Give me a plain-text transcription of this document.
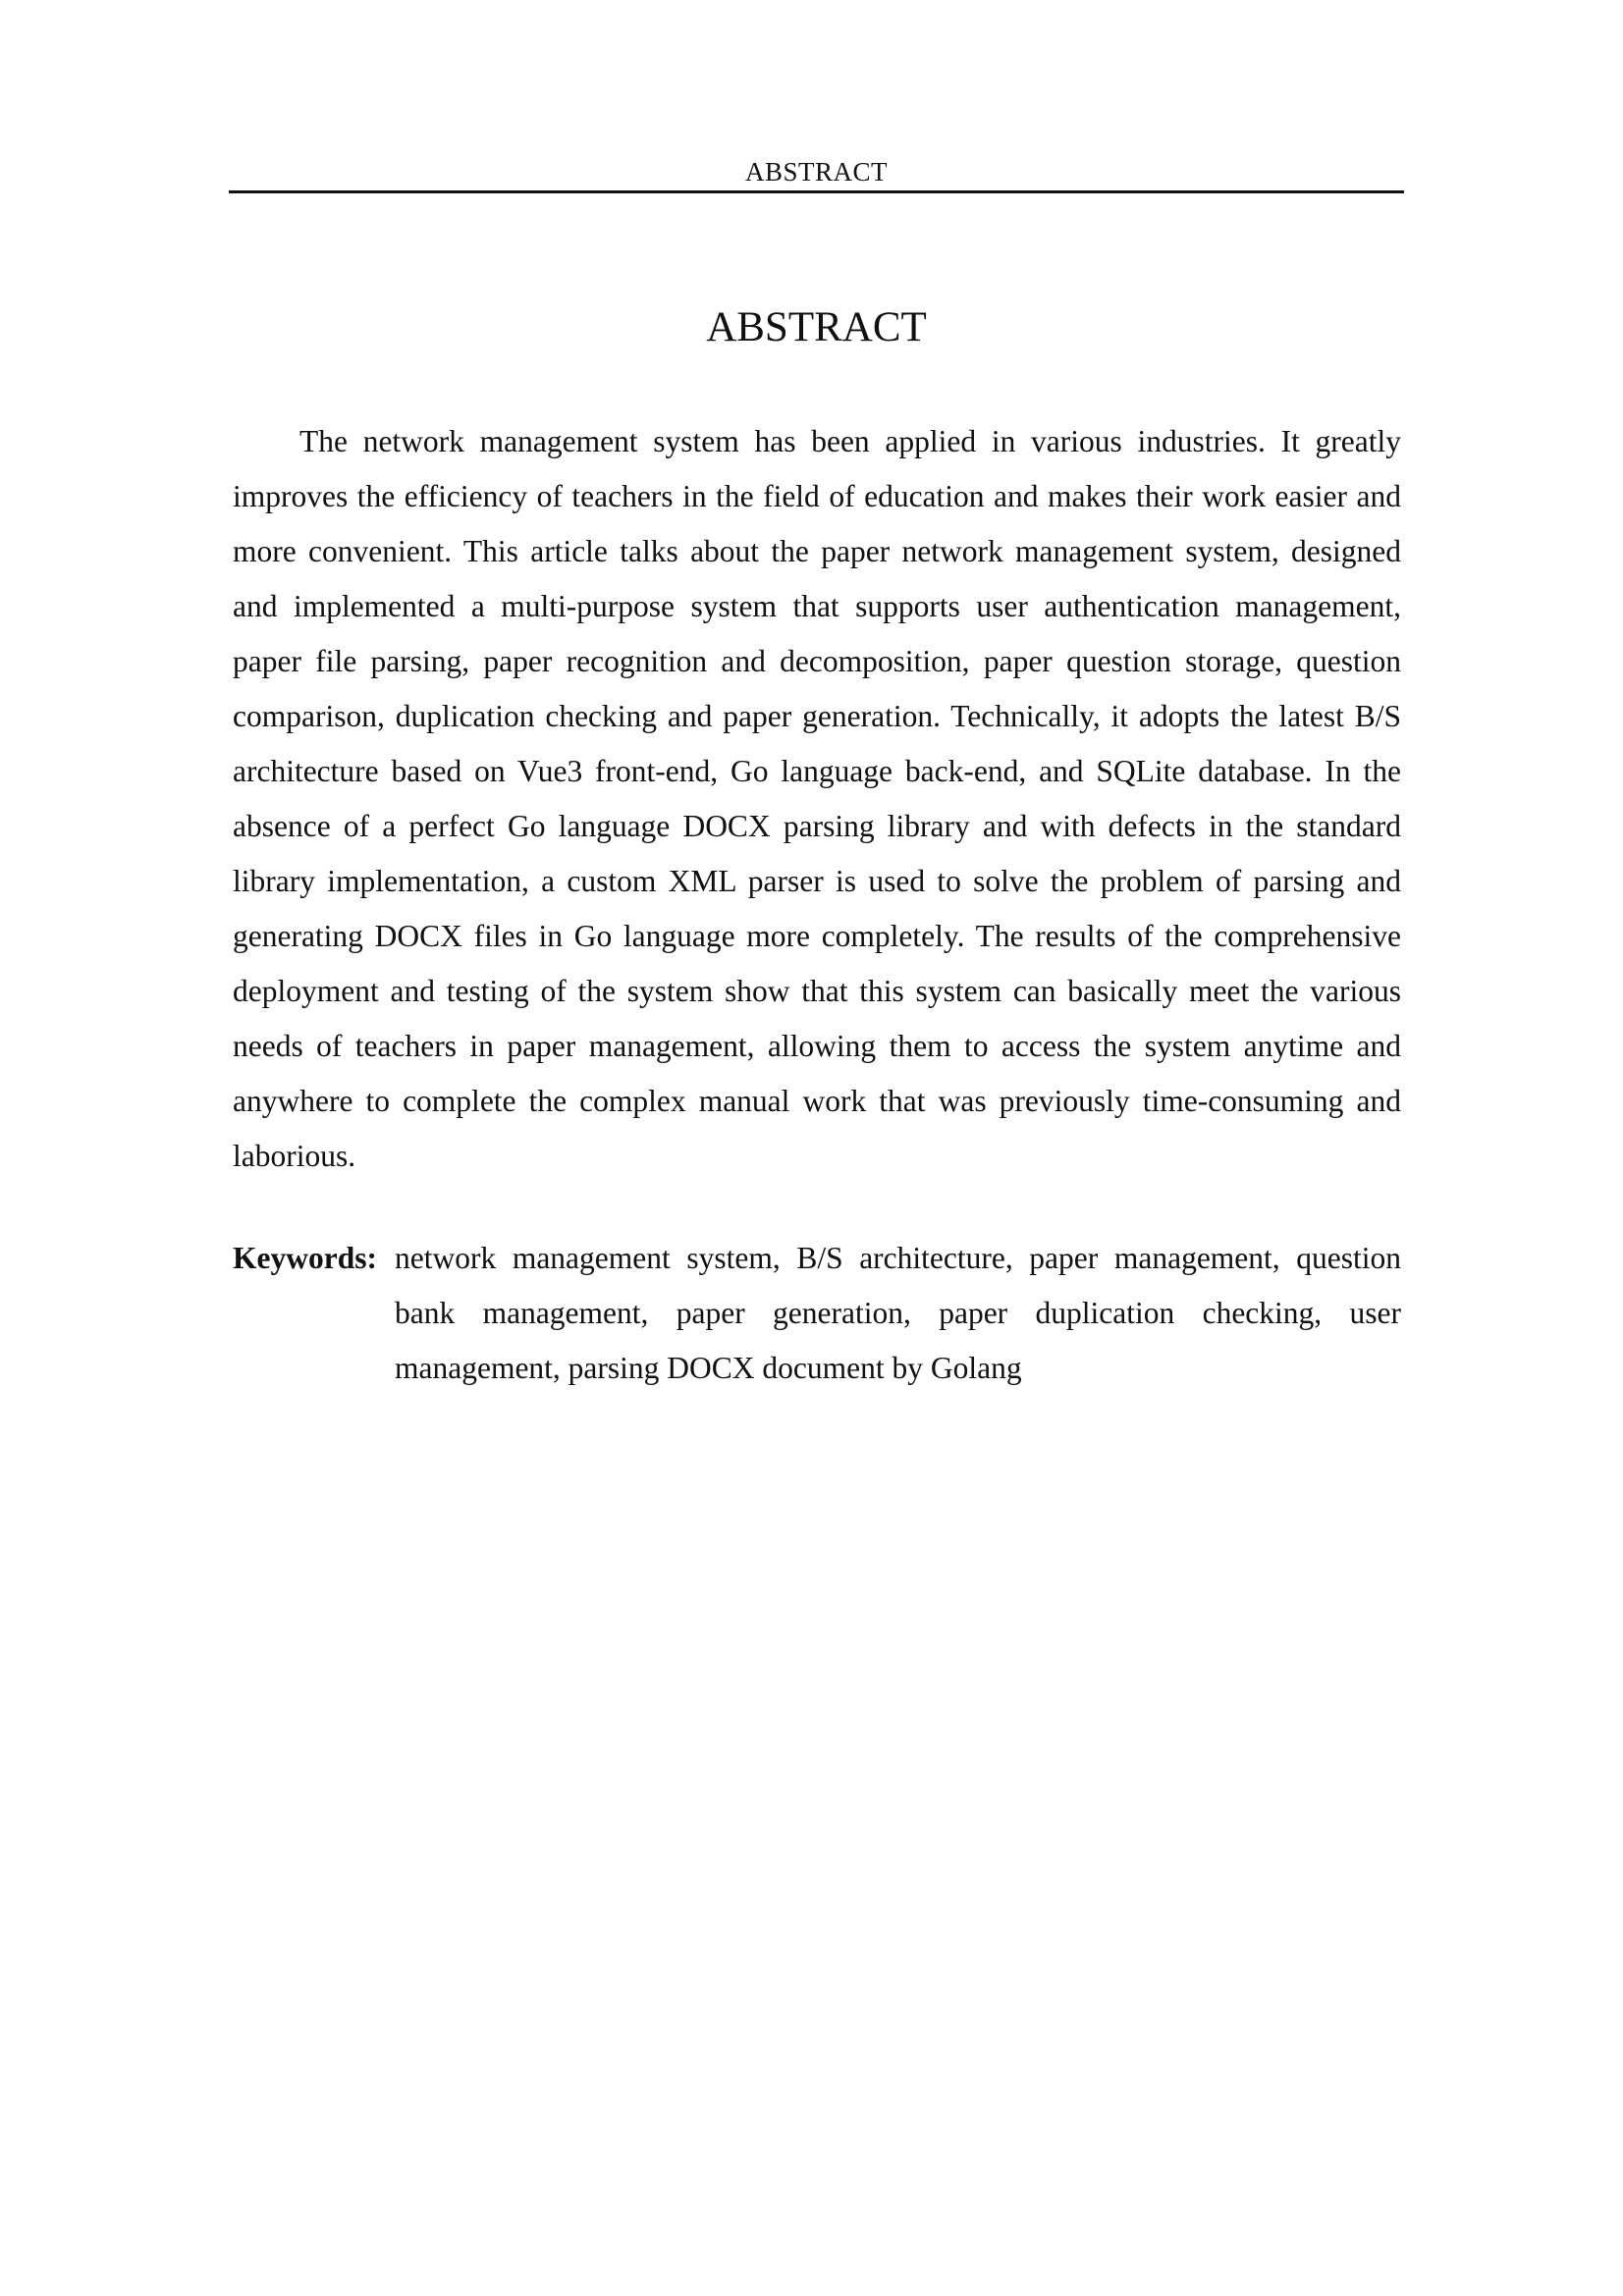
ABSTRACT
ABSTRACT

The network management system has been applied in various industries. It greatly improves the efficiency of teachers in the field of education and makes their work easier and more convenient. This article talks about the paper network management system, designed and implemented a multi-purpose system that supports user authentication management, paper file parsing, paper recognition and decomposition, paper question storage, question comparison, duplication checking and paper generation. Technically, it adopts the latest B/S architecture based on Vue3 front-end, Go language back-end, and SQLite database. In the absence of a perfect Go language DOCX parsing library and with defects in the standard library implementation, a custom XML parser is used to solve the problem of parsing and generating DOCX files in Go language more completely. The results of the comprehensive deployment and testing of the system show that this system can basically meet the various needs of teachers in paper management, allowing them to access the system anytime and anywhere to complete the complex manual work that was previously time-consuming and laborious.

Keywords: network management system, B/S architecture, paper management, question bank management, paper generation, paper duplication checking, user management, parsing DOCX document by Golang
